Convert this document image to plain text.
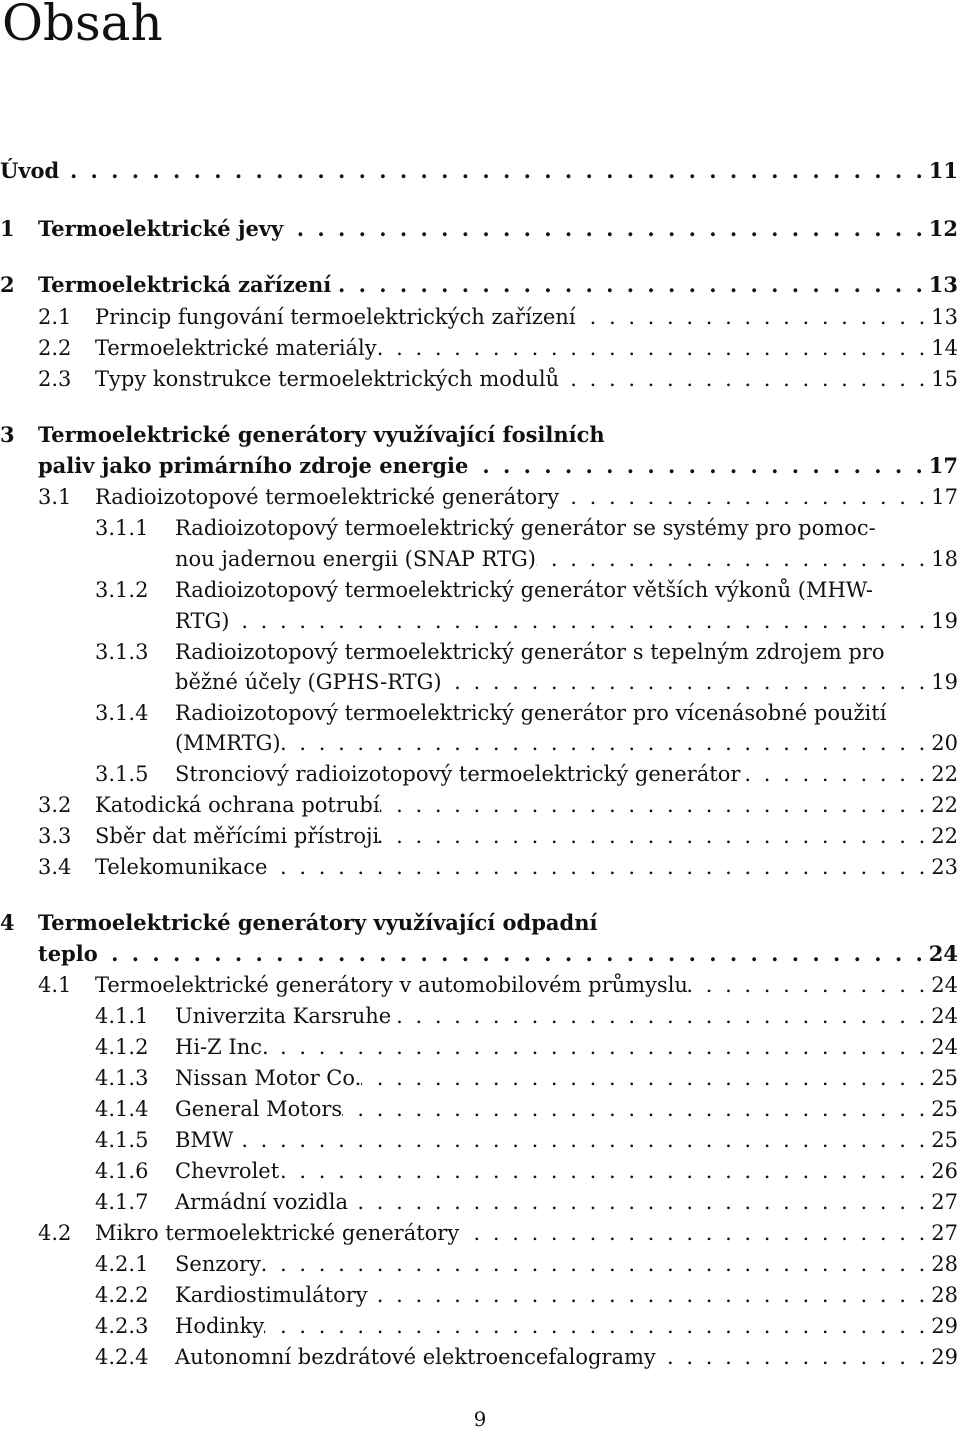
Obsah
Úvod . . .	11
1	Termoelektrické jevy . . .	12
2	Termoelektrická zařízení . . .	13
2.1	Princip fungování termoelektrických zařízení . . .	13
2.2	Termoelektrické materiály . . .	14
2.3	Typy konstrukce termoelektrických modulů . . .	15
3 Termoelektrické generátory využívající fosilních
paliv jako primárního zdroje energie . . .	17
3.1	Radioizotopové termoelektrické generátory . . .	17
3.1.1 Radioizotopový termoelektrický generátor se systémy pro pomoc-
nou jadernou energii (SNAP RTG) . . .	18
3.1.2 Radioizotopový termoelektrický generátor větších výkonů (MHW-
RTG) . . .	19
3.1.3 Radioizotopový termoelektrický generátor s tepelným zdrojem pro
běžné účely (GPHS-RTG) . . .	19
3.1.4 Radioizotopový termoelektrický generátor pro vícenásobné použití
(MMRTG) . . .	20
3.1.5	Stronciový radioizotopový termoelektrický generátor . . .	22
3.2	Katodická ochrana potrubí . . .	22
3.3	Sběr dat měřícími přístroji . . .	22
3.4	Telekomunikace . . .	23
4 Termoelektrické generátory využívající odpadní
teplo . . .	24
4.1	Termoelektrické generátory v automobilovém průmyslu . . .	24
4.1.1	Univerzita Karsruhe . . .	24
4.1.2	Hi-Z Inc. . . .	24
4.1.3	Nissan Motor Co. . . .	25
4.1.4	General Motors . . .	25
4.1.5	BMW . . .	25
4.1.6	Chevrolet . . .	26
4.1.7	Armádní vozidla . . .	27
4.2	Mikro termoelektrické generátory . . .	27
4.2.1	Senzory . . .	28
4.2.2	Kardiostimulátory . . .	28
4.2.3	Hodinky . . .	29
4.2.4	Autonomní bezdrátové elektroencefalogramy . . .	29
9
